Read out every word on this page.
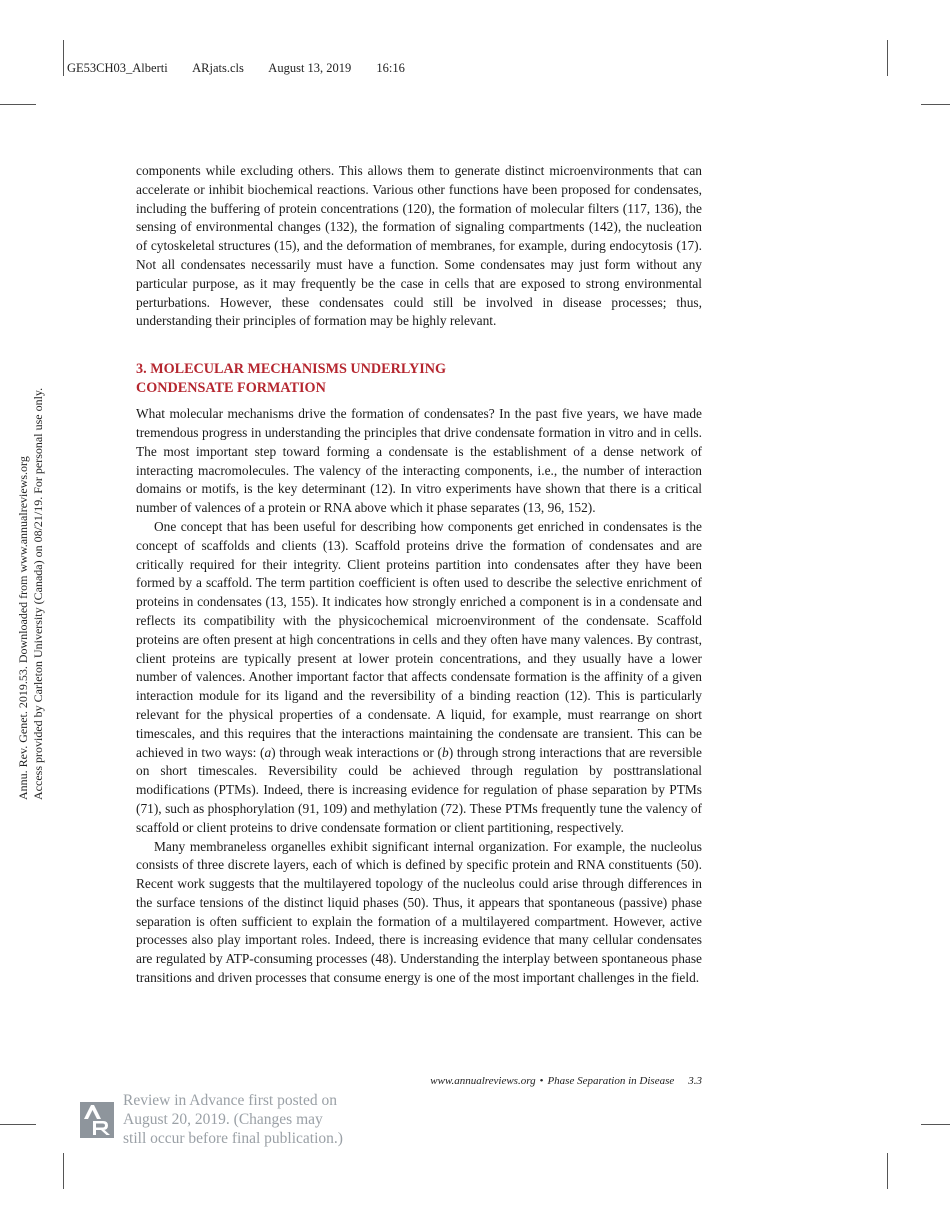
GE53CH03_Alberti ARjats.cls August 13, 2019 16:16
Annu. Rev. Genet. 2019.53. Downloaded from www.annualreviews.org Access provided by Carleton University (Canada) on 08/21/19. For personal use only.

components while excluding others. This allows them to generate distinct microenvironments that can accelerate or inhibit biochemical reactions. Various other functions have been proposed for condensates, including the buffering of protein concentrations (120), the formation of molecular filters (117, 136), the sensing of environmental changes (132), the formation of signaling compartments (142), the nucleation of cytoskeletal structures (15), and the deformation of membranes, for example, during endocytosis (17). Not all condensates necessarily must have a function. Some condensates may just form without any particular purpose, as it may frequently be the case in cells that are exposed to strong environmental perturbations. However, these condensates could still be involved in disease processes; thus, understanding their principles of formation may be highly relevant.

3. MOLECULAR MECHANISMS UNDERLYING
CONDENSATE FORMATION

What molecular mechanisms drive the formation of condensates? In the past five years, we have made tremendous progress in understanding the principles that drive condensate formation in vitro and in cells. The most important step toward forming a condensate is the establishment of a dense network of interacting macromolecules. The valency of the interacting components, i.e., the number of interaction domains or motifs, is the key determinant (12). In vitro experiments have shown that there is a critical number of valences of a protein or RNA above which it phase separates (13, 96, 152).

One concept that has been useful for describing how components get enriched in condensates is the concept of scaffolds and clients (13). Scaffold proteins drive the formation of condensates and are critically required for their integrity. Client proteins partition into condensates after they have been formed by a scaffold. The term partition coefficient is often used to describe the selective enrichment of proteins in condensates (13, 155). It indicates how strongly enriched a component is in a condensate and reflects its compatibility with the physicochemical microenvironment of the condensate. Scaffold proteins are often present at high concentrations in cells and they often have many valences. By contrast, client proteins are typically present at lower protein concentrations, and they usually have a lower number of valences. Another important factor that affects condensate formation is the affinity of a given interaction module for its ligand and the reversibility of a binding reaction (12). This is particularly relevant for the physical properties of a condensate. A liquid, for example, must rearrange on short timescales, and this requires that the interactions maintaining the condensate are transient. This can be achieved in two ways: (a) through weak interactions or (b) through strong interactions that are reversible on short timescales. Reversibility could be achieved through regulation by posttranslational modifications (PTMs). Indeed, there is increasing evidence for regulation of phase separation by PTMs (71), such as phosphorylation (91, 109) and methylation (72). These PTMs frequently tune the valency of scaffold or client proteins to drive condensate formation or client partitioning, respectively.

Many membraneless organelles exhibit significant internal organization. For example, the nucleolus consists of three discrete layers, each of which is defined by specific protein and RNA constituents (50). Recent work suggests that the multilayered topology of the nucleolus could arise through differences in the surface tensions of the distinct liquid phases (50). Thus, it appears that spontaneous (passive) phase separation is often sufficient to explain the formation of a multilayered compartment. However, active processes also play important roles. Indeed, there is increasing evidence that many cellular condensates are regulated by ATP-consuming processes (48). Understanding the interplay between spontaneous phase transitions and driven processes that consume energy is one of the most important challenges in the field.

www.annualreviews.org • Phase Separation in Disease 3.3
Review in Advance first posted on
August 20, 2019. (Changes may
still occur before final publication.)
